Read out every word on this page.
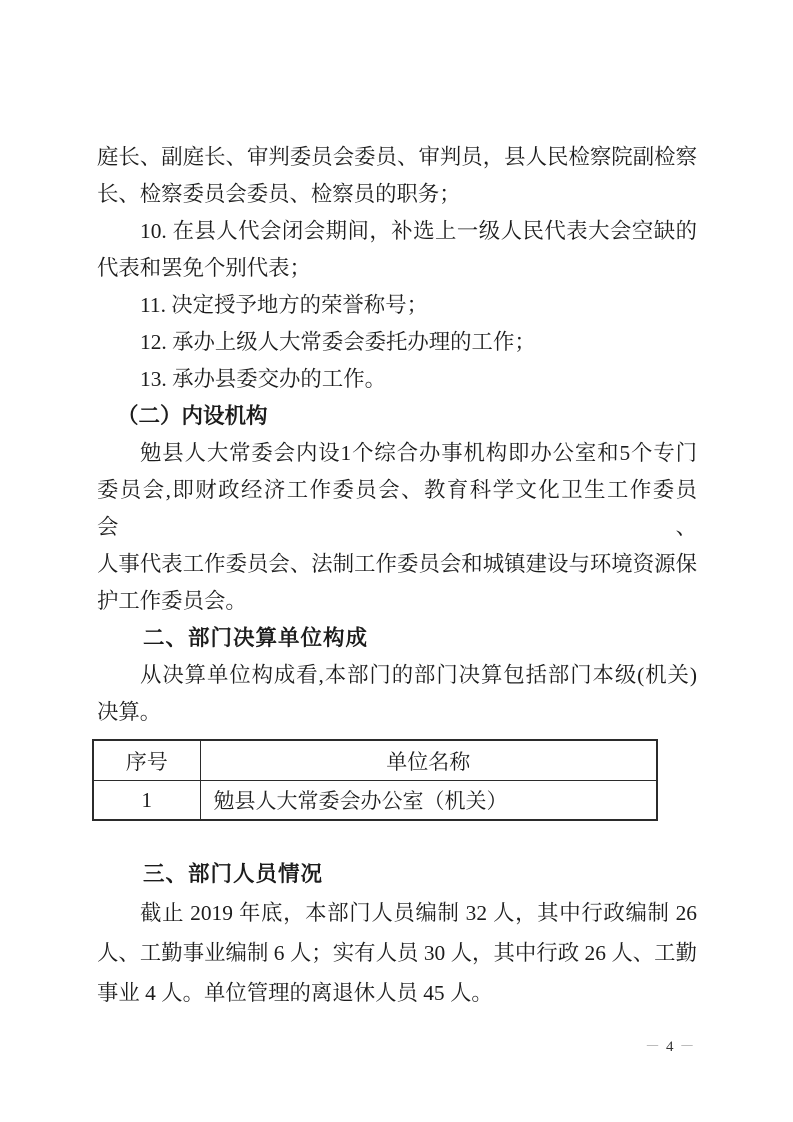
庭长、副庭长、审判委员会委员、审判员，县人民检察院副检察
长、检察委员会委员、检察员的职务；
10. 在县人代会闭会期间，补选上一级人民代表大会空缺的
代表和罢免个别代表；
11. 决定授予地方的荣誉称号；
12. 承办上级人大常委会委托办理的工作；
13. 承办县委交办的工作。
（二）内设机构
勉县人大常委会内设1个综合办事机构即办公室和5个专门
委员会,即财政经济工作委员会、教育科学文化卫生工作委员会、
人事代表工作委员会、法制工作委员会和城镇建设与环境资源保
护工作委员会。
二、部门决算单位构成
从决算单位构成看,本部门的部门决算包括部门本级(机关)
决算。
序号	单位名称
1	勉县人大常委会办公室（机关）
三、部门人员情况
截止 2019 年底，本部门人员编制 32 人，其中行政编制 26
人、工勤事业编制 6 人；实有人员 30 人，其中行政 26 人、工勤
事业 4 人。单位管理的离退休人员 45 人。
－ 4 －
